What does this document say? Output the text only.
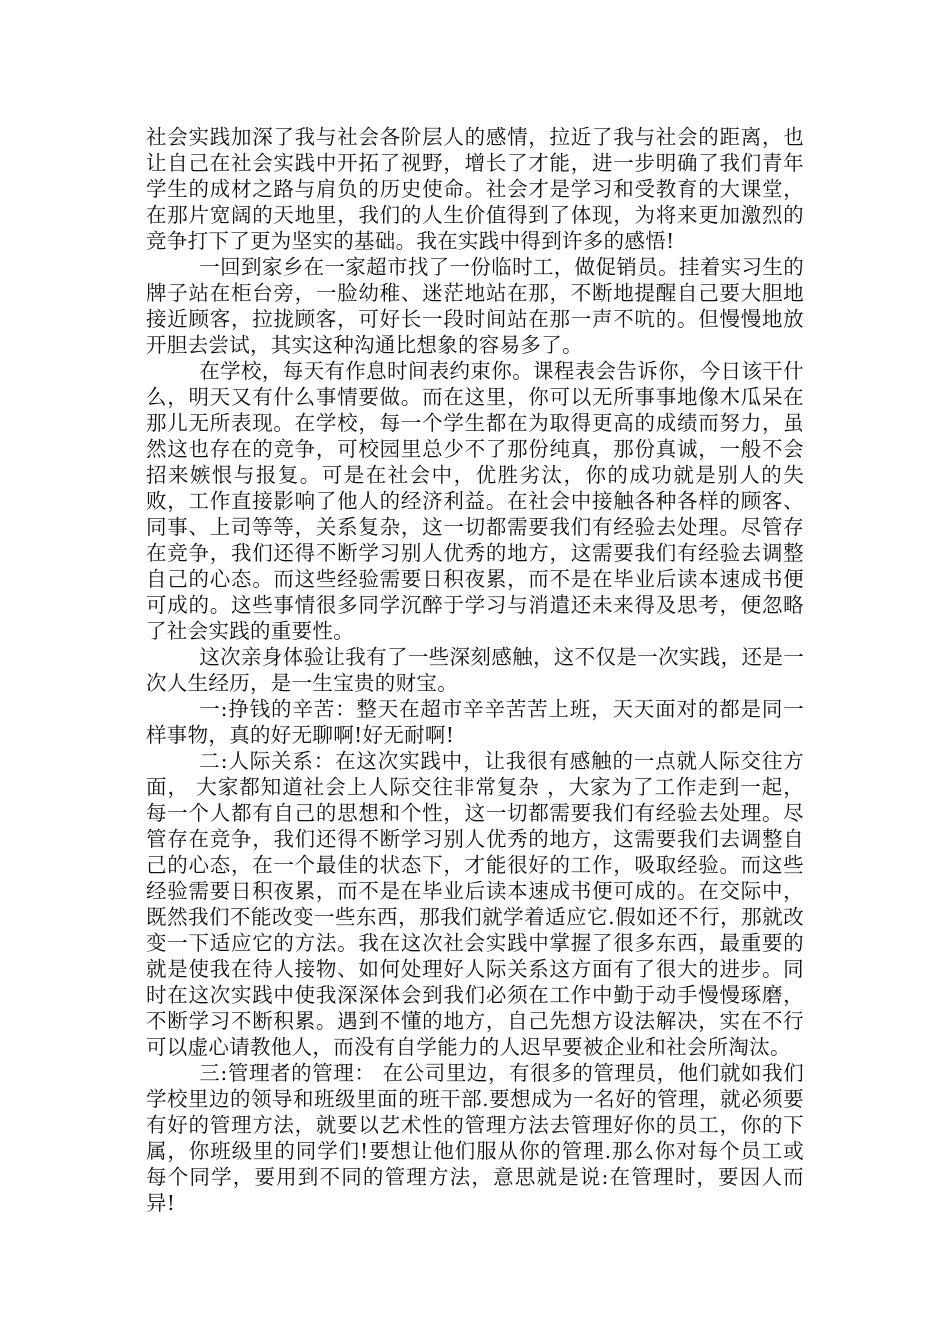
社会实践加深了我与社会各阶层人的感情，拉近了我与社会的距离，也让自己在社会实践中开拓了视野，增长了才能，进一步明确了我们青年学生的成材之路与肩负的历史使命。社会才是学习和受教育的大课堂，在那片宽阔的天地里，我们的人生价值得到了体现，为将来更加激烈的竞争打下了更为坚实的基础。我在实践中得到许多的感悟!

一回到家乡在一家超市找了一份临时工，做促销员。挂着实习生的牌子站在柜台旁，一脸幼稚、迷茫地站在那，不断地提醒自己要大胆地接近顾客，拉拢顾客，可好长一段时间站在那一声不吭的。但慢慢地放开胆去尝试，其实这种沟通比想象的容易多了。

在学校，每天有作息时间表约束你。课程表会告诉你，今日该干什么，明天又有什么事情要做。而在这里，你可以无所事事地像木瓜呆在那儿无所表现。在学校，每一个学生都在为取得更高的成绩而努力，虽然这也存在的竞争，可校园里总少不了那份纯真，那份真诚，一般不会招来嫉恨与报复。可是在社会中，优胜劣汰，你的成功就是别人的失败，工作直接影响了他人的经济利益。在社会中接触各种各样的顾客、同事、上司等等，关系复杂，这一切都需要我们有经验去处理。尽管存在竞争，我们还得不断学习别人优秀的地方，这需要我们有经验去调整自己的心态。而这些经验需要日积夜累，而不是在毕业后读本速成书便可成的。这些事情很多同学沉醉于学习与消遣还未来得及思考，便忽略了社会实践的重要性。

这次亲身体验让我有了一些深刻感触，这不仅是一次实践，还是一次人生经历，是一生宝贵的财宝。

一:挣钱的辛苦：整天在超市辛辛苦苦上班，天天面对的都是同一样事物，真的好无聊啊!好无耐啊!

二:人际关系：在这次实践中，让我很有感触的一点就人际交往方面， 大家都知道社会上人际交往非常复杂 ，大家为了工作走到一起， 每一个人都有自己的思想和个性，这一切都需要我们有经验去处理。尽管存在竞争，我们还得不断学习别人优秀的地方，这需要我们去调整自己的心态，在一个最佳的状态下，才能很好的工作，吸取经验。而这些经验需要日积夜累，而不是在毕业后读本速成书便可成的。在交际中，既然我们不能改变一些东西，那我们就学着适应它.假如还不行，那就改变一下适应它的方法。我在这次社会实践中掌握了很多东西，最重要的就是使我在待人接物、如何处理好人际关系这方面有了很大的进步。同时在这次实践中使我深深体会到我们必须在工作中勤于动手慢慢琢磨，不断学习不断积累。遇到不懂的地方，自己先想方设法解决，实在不行可以虚心请教他人，而没有自学能力的人迟早要被企业和社会所淘汰。

三:管理者的管理： 在公司里边，有很多的管理员，他们就如我们学校里边的领导和班级里面的班干部.要想成为一名好的管理，就必须要有好的管理方法，就要以艺术性的管理方法去管理好你的员工，你的下属，你班级里的同学们!要想让他们服从你的管理.那么你对每个员工或每个同学，要用到不同的管理方法，意思就是说:在管理时，要因人而异!
